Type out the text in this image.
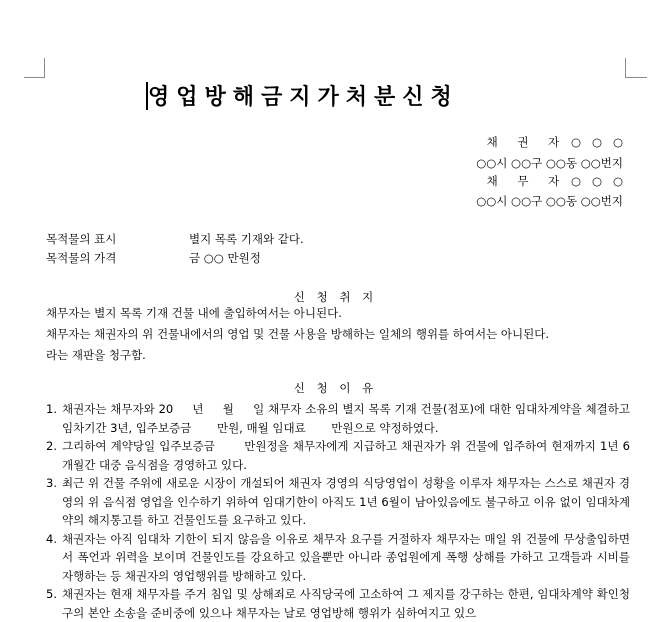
영업방해금지가처분신청
채 권 자 ○   ○   ○
○○시 ○○구 ○○동 ○○번지
채 무 자 ○   ○   ○
○○시 ○○구 ○○동 ○○번지
목적물의 표시	별지 목록 기재와 같다.
목적물의 가격	금 ○○ 만원정
신 청 취 지

채무자는 별지 목록 기재 건물 내에 출입하여서는 아니된다.

채무자는 채권자의 위 건물내에서의 영업 및 건물 사용을 방해하는 일체의 행위를 하여서는 아니된다.

라는 재판을 청구함.

신 청 이 유
1. 채권자는 채무자와 20     년     월     일 채무자 소유의 별지 목록 기재 건물(점포)에 대한 임대차계약을 체결하고 임차기간 3년, 입주보증금       만원, 매월 임대료       만원으로 약정하였다.
2. 그리하여 계약당일 입주보증금       만원정을 채무자에게 지급하고 채권자가 위 건물에 입주하여 현재까지 1년 6개월간 대중 음식점을 경영하고 있다.
3. 최근 위 건물 주위에 새로운 시장이 개설되어 채권자 경영의 식당영업이 성황을 이루자 채무자는 스스로 채권자 경영의 위 음식점 영업을 인수하기 위하여 임대기한이 아직도 1년 6월이 남아있음에도 불구하고 이유 없이 임대차계약의 해지통고를 하고 건물인도를 요구하고 있다.
4. 채권자는 아직 임대차 기한이 되지 않음을 이유로 채무자 요구를 거절하자 채무자는 매일 위 건물에 무상출입하면서 폭언과 위력을 보이며 건물인도를 강요하고 있을뿐만 아니라 종업원에게 폭행 상해를 가하고 고객들과 시비를 자행하는 등 채권자의 영업행위를 방해하고 있다.
5. 채권자는 현재 채무자를 주거 침입 및 상해죄로 사직당국에 고소하여 그 제지를 강구하는 한편, 임대차계약 확인청구의 본안 소송을 준비중에 있으나 채무자는 날로 영업방해 행위가 심하여지고 있으
